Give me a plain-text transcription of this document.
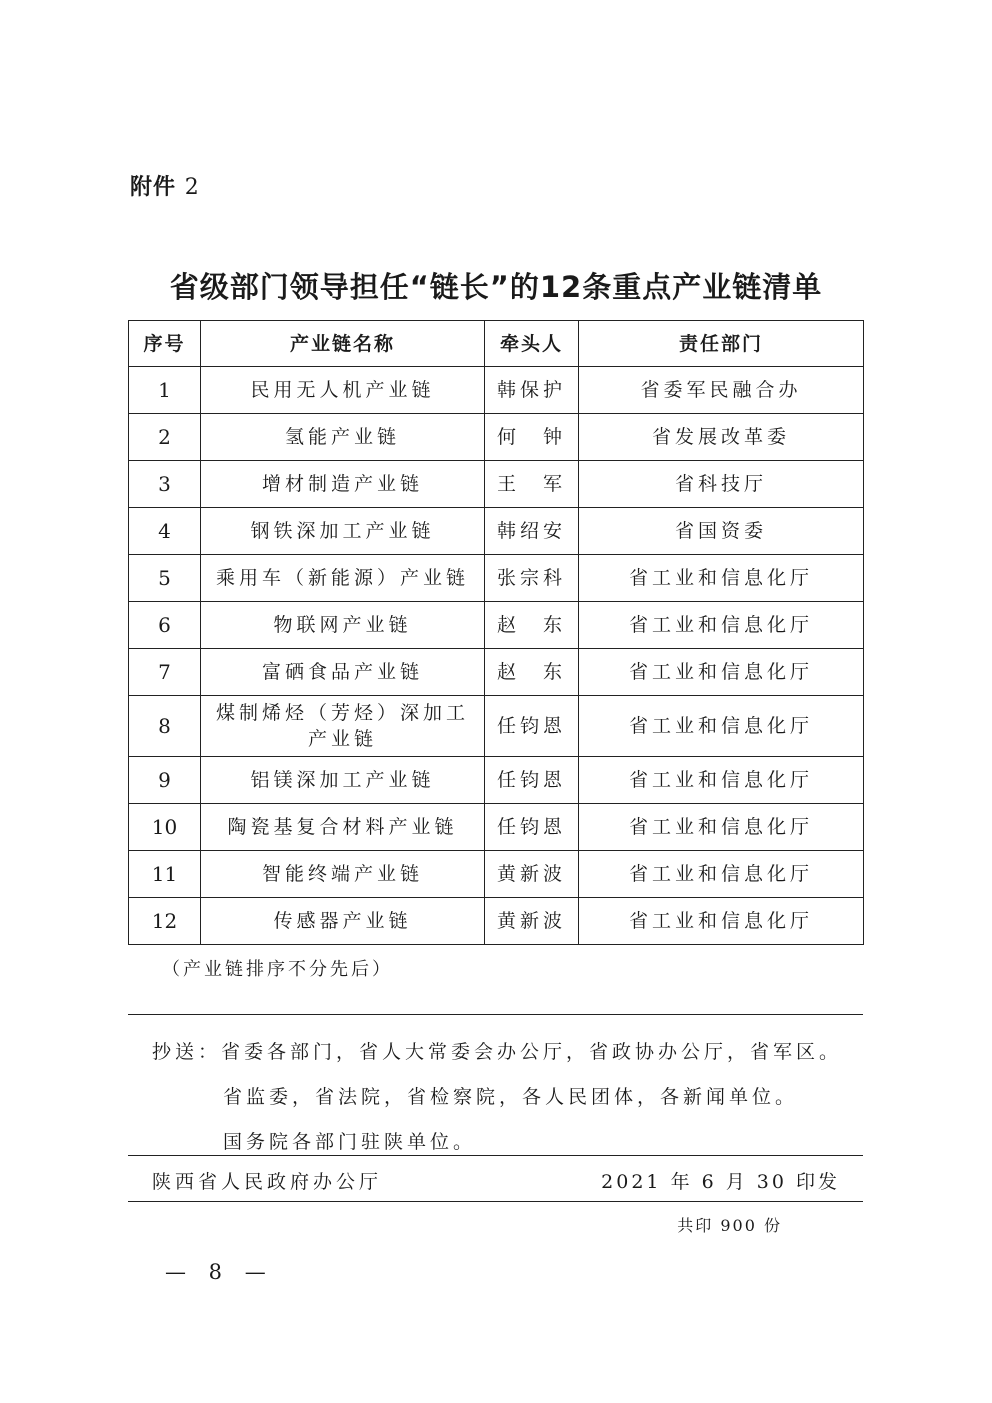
附件 2
省级部门领导担任“链长”的12条重点产业链清单
序号	产业链名称	牵头人	责任部门
1	民用无人机产业链	韩保护	省委军民融合办
2	氢能产业链	何　钟	省发展改革委
3	增材制造产业链	王　军	省科技厅
4	钢铁深加工产业链	韩绍安	省国资委
5	乘用车（新能源）产业链	张宗科	省工业和信息化厅
6	物联网产业链	赵　东	省工业和信息化厅
7	富硒食品产业链	赵　东	省工业和信息化厅
8	煤制烯烃（芳烃）深加工产业链	任钧恩	省工业和信息化厅
9	铝镁深加工产业链	任钧恩	省工业和信息化厅
10	陶瓷基复合材料产业链	任钧恩	省工业和信息化厅
11	智能终端产业链	黄新波	省工业和信息化厅
12	传感器产业链	黄新波	省工业和信息化厅
（产业链排序不分先后）
抄送：省委各部门，省人大常委会办公厅，省政协办公厅，省军区。
省监委，省法院，省检察院，各人民团体，各新闻单位。
国务院各部门驻陕单位。
陕西省人民政府办公厅	2021 年 6 月 30 印发
共印 900 份
— 8 —
